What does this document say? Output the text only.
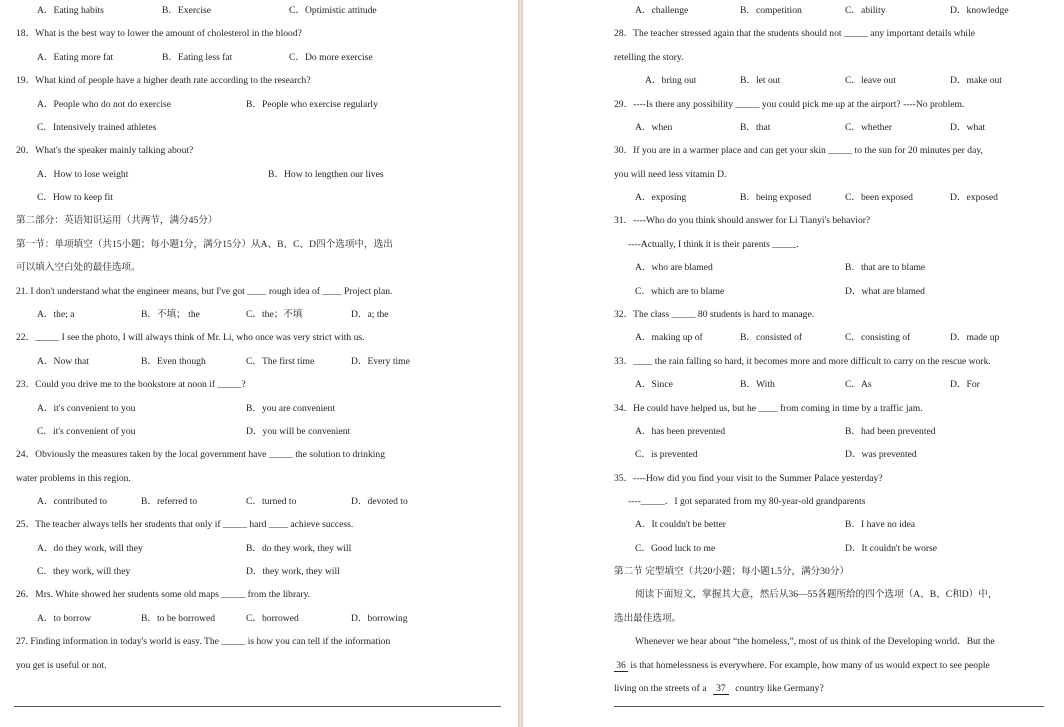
A．Eating habits	B．Exercise	C．Optimistic attitude
18．What is the best way to lower the amount of cholesterol in the blood?
A．Eating more fat	B．Eating less fat	C．Do more exercise
19．What kind of people have a higher death rate according to the research?
A．People who do not do exercise	B．People who exercise regularly
C．Intensively trained athletes
20．What's the speaker mainly talking about?
A．How to lose weight	B．How to lengthen our lives
C．How to keep fit
第二部分：英语知识运用（共两节，满分45分）
第一节：单项填空（共15小题；每小题1分，满分15分）从A、B、C、D四个选项中，选出
可以填入空白处的最佳选项。
21. I don't understand what the engineer means, but I've got ____ rough idea of ____ Project plan.
A．the; a	B．不填； the	C．the；不填	D．a; the
22．_____ I see the photo, I will always think of Mr. Li, who once was very strict with us.
A．Now that	B．Even though	C．The first time	D．Every time
23．Could you drive me to the bookstore at noon if _____?
A．it's convenient to you	B．you are convenient
C．it's convenient of you	D．you will be convenient
24．Obviously the measures taken by the local government have _____ the solution to drinking
water problems in this region.
A．contributed to	B．referred to	C．turned to	D．devoted to
25．The teacher always tells her students that only if _____ hard ____ achieve success.
A．do they work, will they	B．do they work, they will
C．they work, will they	D．they work, they will
26．Mrs. White showed her students some old maps _____ from the library.
A．to borrow	B．to be borrowed	C．borrowed	D．borrowing
27. Finding information in today's world is easy. The _____ is how you can tell if the information
you get is useful or not.	36 is that homelessness is everywhere. For example, how many of us would expect to see people
living on the streets of a 37 country like Germany?
A．challenge	B．competition	C．ability	D．knowledge
28．The teacher stressed again that the students should not _____ any important details while
retelling the story.
A．bring out	B．let out	C．leave out	D．make out
29．----Is there any possibility _____ you could pick me up at the airport? ----No problem.
A．when	B．that	C．whether	D．what
30．If you are in a warmer place and can get your skin _____ to the sun for 20 minutes per day,
you will need less vitamin D.
A．exposing	B．being exposed	C．been exposed	D．exposed
31．----Who do you think should answer for Li Tianyi's behavior?
----Actually, I think it is their parents _____.
A．who are blamed	B．that are to blame
C．which are to blame	D．what are blamed
32．The class _____ 80 students is hard to manage.
A．making up of	B．consisted of	C．consisting of	D．made up
33．____ the rain falling so hard, it becomes more and more difficult to carry on the rescue work.
A．Since	B．With	C．As	D．For
34．He could have helped us, but he ____ from coming in time by a traffic jam.
A．has been prevented	B．had been prevented
C．is prevented	D．was prevented
35．----How did you find your visit to the Summer Palace yesterday?
----_____．I got separated from my 80-year-old grandparents
A．It couldn't be better	B．I have no idea
C．Good luck to me	D．It couldn't be worse
第二节 完型填空（共20小题；每小题1.5分，满分30分）
阅读下面短文，掌握其大意，然后从36—55各题所给的四个选项（A、B、C和D）中，
选出最佳选项。
Whenever we hear about “the homeless,”, most of us think of the Developing world．But the
